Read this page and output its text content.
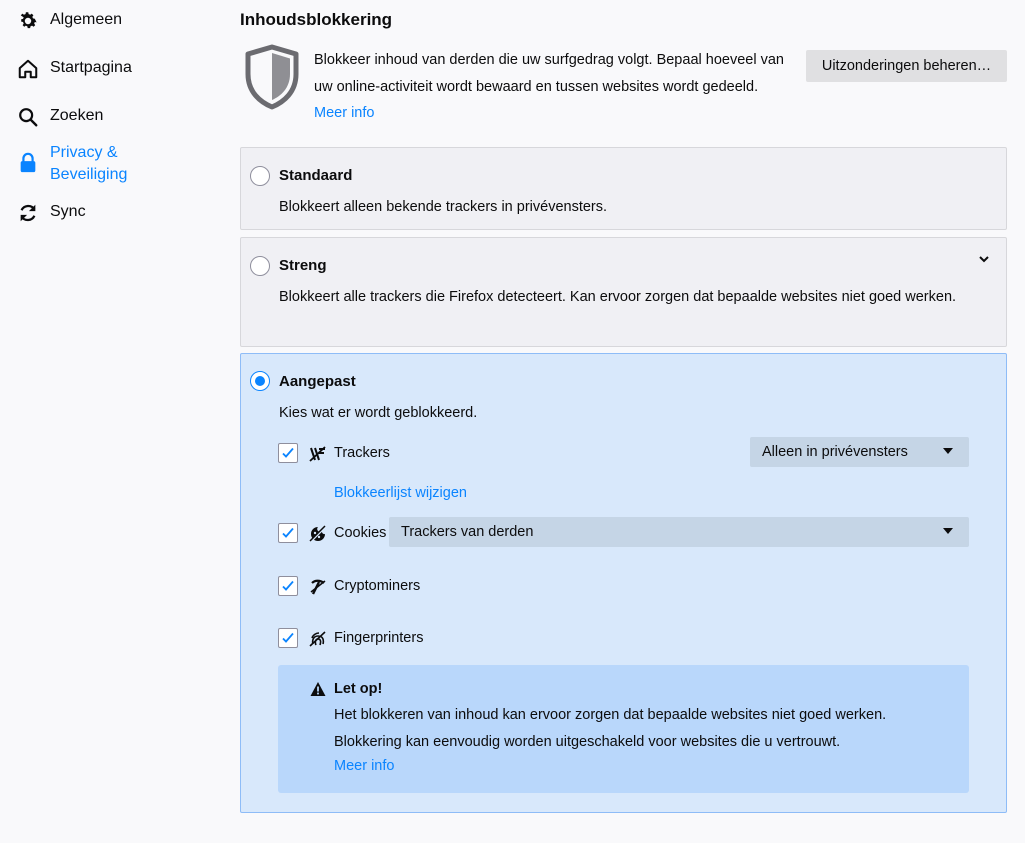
Algemeen
Startpagina
Zoeken
Privacy & Beveiliging
Sync
Inhoudsblokkering
Blokkeer inhoud van derden die uw surfgedrag volgt. Bepaal hoeveel van uw online-activiteit wordt bewaard en tussen websites wordt gedeeld.  Meer info
Uitzonderingen beheren…
Standaard
Blokkeert alleen bekende trackers in privévensters.
Streng
Blokkeert alle trackers die Firefox detecteert. Kan ervoor zorgen dat bepaalde websites niet goed werken.
Aangepast
Kies wat er wordt geblokkeerd.
Trackers	Alleen in privévensters
Blokkeerlijst wijzigen
Cookies Trackers van derden
Cryptominers
Fingerprinters
Let op!
Het blokkeren van inhoud kan ervoor zorgen dat bepaalde websites niet goed werken. Blokkering kan eenvoudig worden uitgeschakeld voor websites die u vertrouwt.
Meer info
